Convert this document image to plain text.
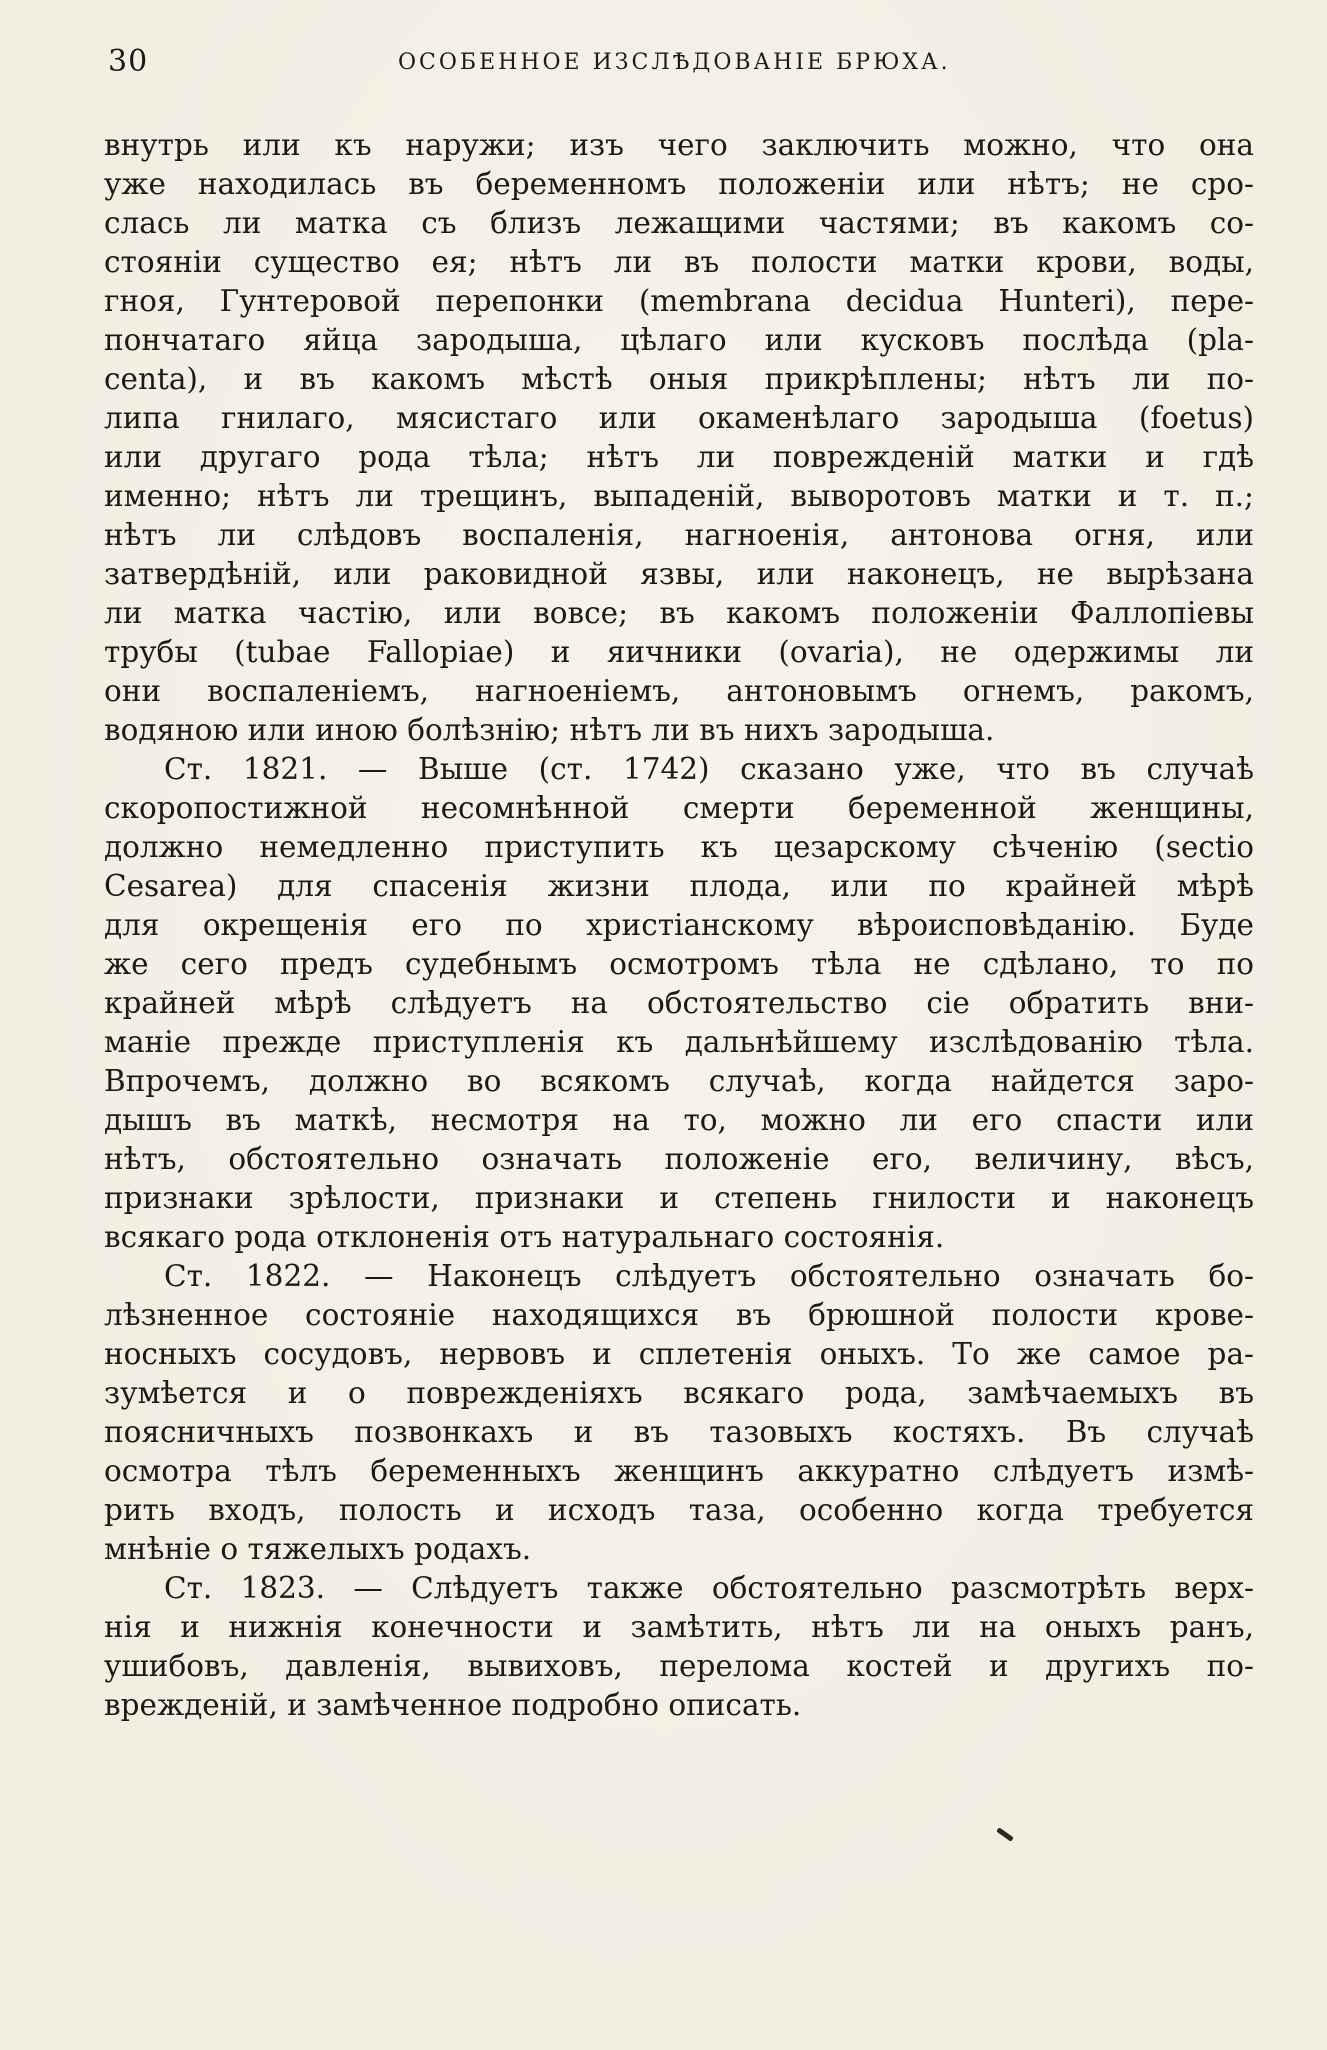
30	ОСОБЕННОЕ ИЗСЛѢДОВАНІЕ БРЮХА.
внутрь или къ наружи; изъ чего заключить можно, что она
уже находилась въ беременномъ положеніи или нѣтъ; не сро-
слась ли матка съ близъ лежащими частями; въ какомъ со-
стояніи существо ея; нѣтъ ли въ полости матки крови, воды,
гноя, Гунтеровой перепонки (membrana decidua Hunteri), пере-
пончатаго яйца зародыша, цѣлаго или кусковъ послѣда (pla-
centa), и въ какомъ мѣстѣ оныя прикрѣплены; нѣтъ ли по-
липа гнилаго, мясистаго или окаменѣлаго зародыша (foetus)
или другаго рода тѣла; нѣтъ ли поврежденій матки и гдѣ
именно; нѣтъ ли трещинъ, выпаденій, выворотовъ матки и т. п.;
нѣтъ ли слѣдовъ воспаленія, нагноенія, антонова огня, или
затвердѣній, или раковидной язвы, или наконецъ, не вырѣзана
ли матка частію, или вовсе; въ какомъ положеніи Фаллопіевы
трубы (tubae Falloрiae) и яичники (ovaria), не одержимы ли
они воспаленіемъ, нагноеніемъ, антоновымъ огнемъ, ракомъ,
водяною или иною болѣзнію; нѣтъ ли въ нихъ зародыша.
Ст. 1821. — Выше (ст. 1742) сказано уже, что въ случаѣ
скоропостижной несомнѣнной смерти беременной женщины,
должно немедленно приступить къ цезарскому сѣченію (sectio
Cesarea) для спасенія жизни плода, или по крайней мѣрѣ
для окрещенія его по христіанскому вѣроисповѣданію. Буде
же сего предъ судебнымъ осмотромъ тѣла не сдѣлано, то по
крайней мѣрѣ слѣдуетъ на обстоятельство сіе обратить вни-
маніе прежде приступленія къ дальнѣйшему изслѣдованію тѣла.
Впрочемъ, должно во всякомъ случаѣ, когда найдется заро-
дышъ въ маткѣ, несмотря на то, можно ли его спасти или
нѣтъ, обстоятельно означать положеніе его, величину, вѣсъ,
признаки зрѣлости, признаки и степень гнилости и наконецъ
всякаго рода отклоненія отъ натуральнаго состоянія.
Ст. 1822. — Наконецъ слѣдуетъ обстоятельно означать бо-
лѣзненное состояніе находящихся въ брюшной полости крове-
носныхъ сосудовъ, нервовъ и сплетенія оныхъ. То же самое ра-
зумѣется и о поврежденіяхъ всякаго рода, замѣчаемыхъ въ
поясничныхъ позвонкахъ и въ тазовыхъ костяхъ. Въ случаѣ
осмотра тѣлъ беременныхъ женщинъ аккуратно слѣдуетъ измѣ-
рить входъ, полость и исходъ таза, особенно когда требуется
мнѣніе о тяжелыхъ родахъ.
Ст. 1823. — Слѣдуетъ также обстоятельно разсмотрѣть верх-
нія и нижнія конечности и замѣтить, нѣтъ ли на оныхъ ранъ,
ушибовъ, давленія, вывиховъ, перелома костей и другихъ по-
врежденій, и замѣченное подробно описать.
